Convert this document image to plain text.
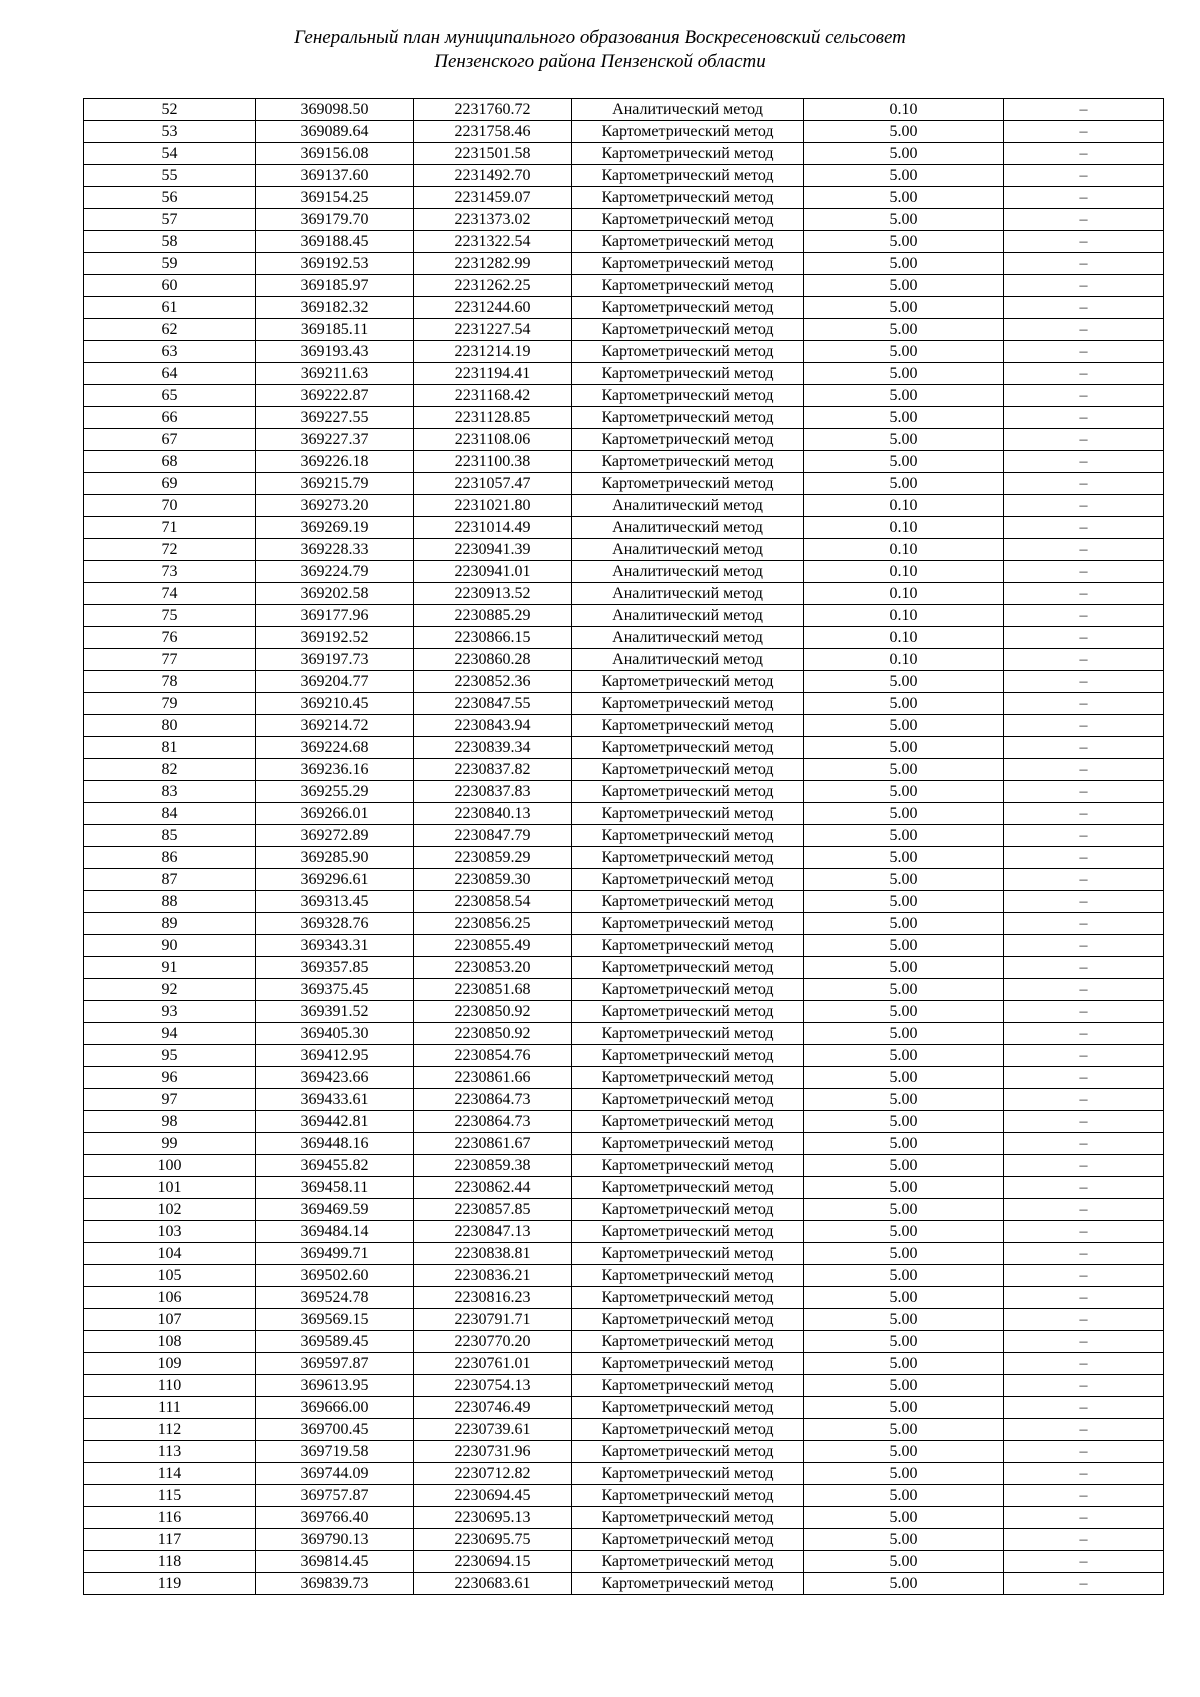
Генеральный план муниципального образования Воскресеновский сельсовет
Пензенского района Пензенской области
52	369098.50	2231760.72	Аналитический метод	0.10	–
53	369089.64	2231758.46	Картометрический метод	5.00	–
54	369156.08	2231501.58	Картометрический метод	5.00	–
55	369137.60	2231492.70	Картометрический метод	5.00	–
56	369154.25	2231459.07	Картометрический метод	5.00	–
57	369179.70	2231373.02	Картометрический метод	5.00	–
58	369188.45	2231322.54	Картометрический метод	5.00	–
59	369192.53	2231282.99	Картометрический метод	5.00	–
60	369185.97	2231262.25	Картометрический метод	5.00	–
61	369182.32	2231244.60	Картометрический метод	5.00	–
62	369185.11	2231227.54	Картометрический метод	5.00	–
63	369193.43	2231214.19	Картометрический метод	5.00	–
64	369211.63	2231194.41	Картометрический метод	5.00	–
65	369222.87	2231168.42	Картометрический метод	5.00	–
66	369227.55	2231128.85	Картометрический метод	5.00	–
67	369227.37	2231108.06	Картометрический метод	5.00	–
68	369226.18	2231100.38	Картометрический метод	5.00	–
69	369215.79	2231057.47	Картометрический метод	5.00	–
70	369273.20	2231021.80	Аналитический метод	0.10	–
71	369269.19	2231014.49	Аналитический метод	0.10	–
72	369228.33	2230941.39	Аналитический метод	0.10	–
73	369224.79	2230941.01	Аналитический метод	0.10	–
74	369202.58	2230913.52	Аналитический метод	0.10	–
75	369177.96	2230885.29	Аналитический метод	0.10	–
76	369192.52	2230866.15	Аналитический метод	0.10	–
77	369197.73	2230860.28	Аналитический метод	0.10	–
78	369204.77	2230852.36	Картометрический метод	5.00	–
79	369210.45	2230847.55	Картометрический метод	5.00	–
80	369214.72	2230843.94	Картометрический метод	5.00	–
81	369224.68	2230839.34	Картометрический метод	5.00	–
82	369236.16	2230837.82	Картометрический метод	5.00	–
83	369255.29	2230837.83	Картометрический метод	5.00	–
84	369266.01	2230840.13	Картометрический метод	5.00	–
85	369272.89	2230847.79	Картометрический метод	5.00	–
86	369285.90	2230859.29	Картометрический метод	5.00	–
87	369296.61	2230859.30	Картометрический метод	5.00	–
88	369313.45	2230858.54	Картометрический метод	5.00	–
89	369328.76	2230856.25	Картометрический метод	5.00	–
90	369343.31	2230855.49	Картометрический метод	5.00	–
91	369357.85	2230853.20	Картометрический метод	5.00	–
92	369375.45	2230851.68	Картометрический метод	5.00	–
93	369391.52	2230850.92	Картометрический метод	5.00	–
94	369405.30	2230850.92	Картометрический метод	5.00	–
95	369412.95	2230854.76	Картометрический метод	5.00	–
96	369423.66	2230861.66	Картометрический метод	5.00	–
97	369433.61	2230864.73	Картометрический метод	5.00	–
98	369442.81	2230864.73	Картометрический метод	5.00	–
99	369448.16	2230861.67	Картометрический метод	5.00	–
100	369455.82	2230859.38	Картометрический метод	5.00	–
101	369458.11	2230862.44	Картометрический метод	5.00	–
102	369469.59	2230857.85	Картометрический метод	5.00	–
103	369484.14	2230847.13	Картометрический метод	5.00	–
104	369499.71	2230838.81	Картометрический метод	5.00	–
105	369502.60	2230836.21	Картометрический метод	5.00	–
106	369524.78	2230816.23	Картометрический метод	5.00	–
107	369569.15	2230791.71	Картометрический метод	5.00	–
108	369589.45	2230770.20	Картометрический метод	5.00	–
109	369597.87	2230761.01	Картометрический метод	5.00	–
110	369613.95	2230754.13	Картометрический метод	5.00	–
111	369666.00	2230746.49	Картометрический метод	5.00	–
112	369700.45	2230739.61	Картометрический метод	5.00	–
113	369719.58	2230731.96	Картометрический метод	5.00	–
114	369744.09	2230712.82	Картометрический метод	5.00	–
115	369757.87	2230694.45	Картометрический метод	5.00	–
116	369766.40	2230695.13	Картометрический метод	5.00	–
117	369790.13	2230695.75	Картометрический метод	5.00	–
118	369814.45	2230694.15	Картометрический метод	5.00	–
119	369839.73	2230683.61	Картометрический метод	5.00	–
